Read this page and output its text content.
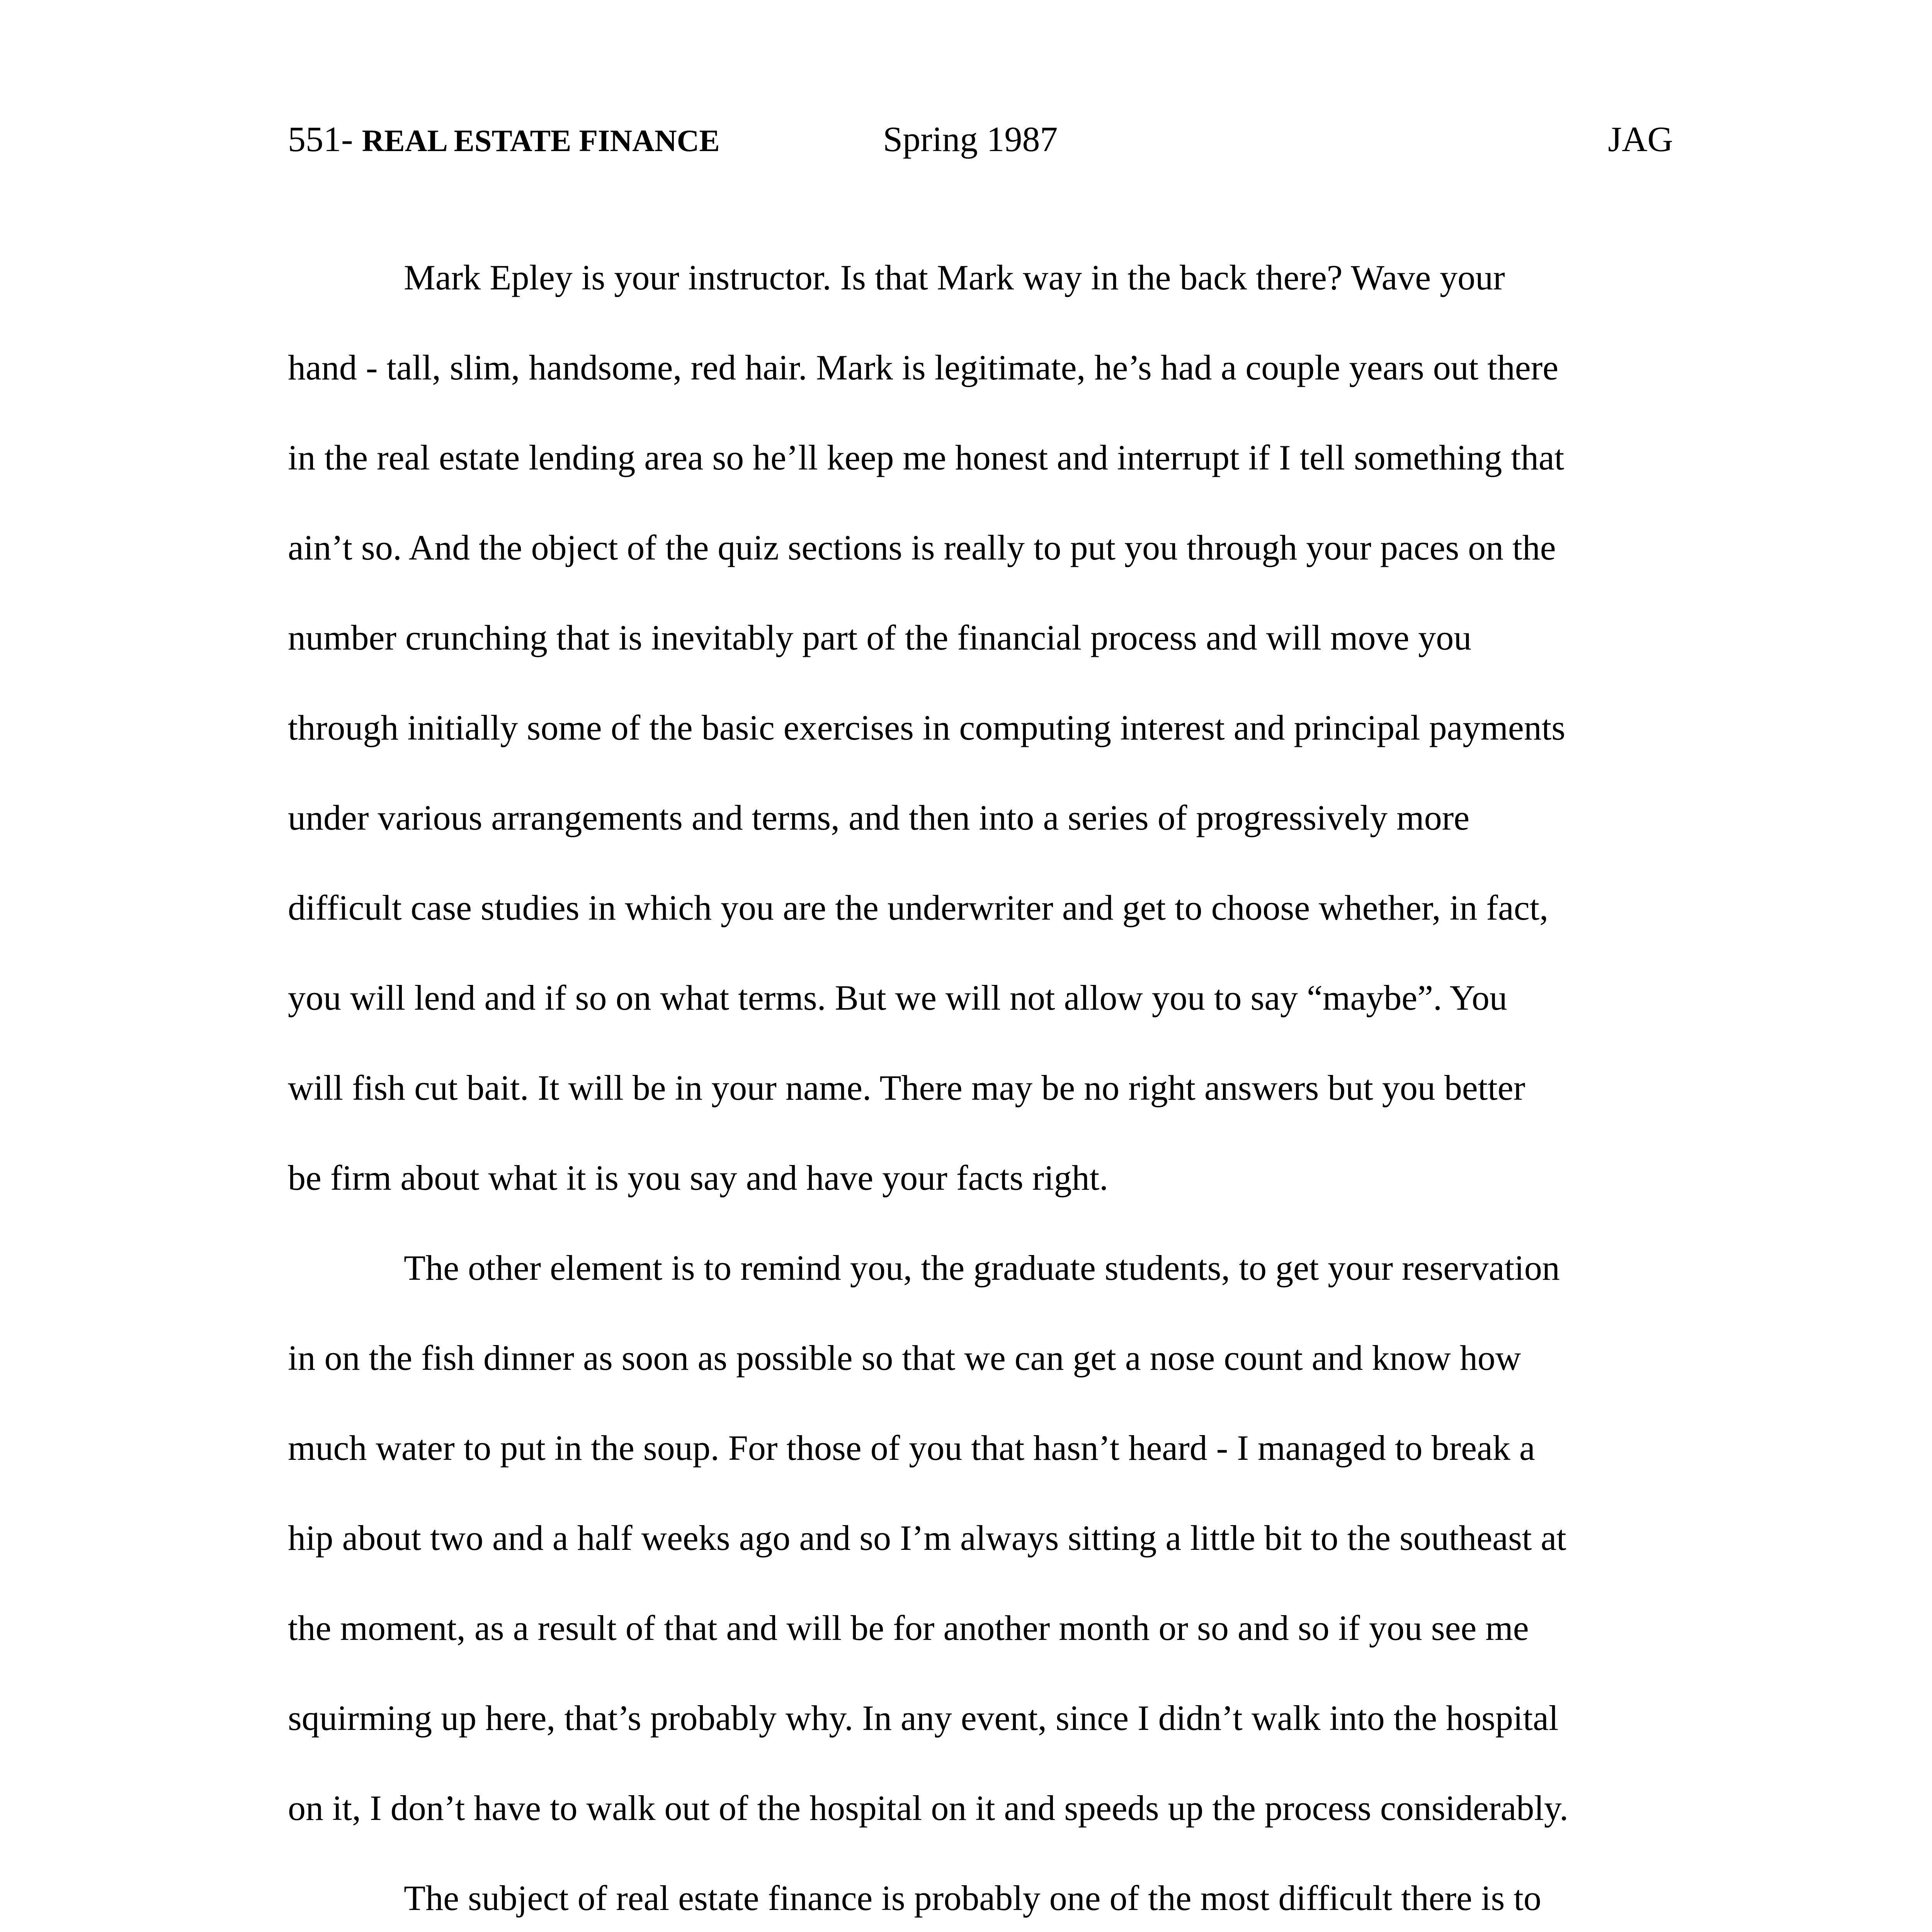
551- REAL ESTATE FINANCE	Spring 1987	JAG

Mark Epley is your instructor. Is that Mark way in the back there? Wave your
hand - tall, slim, handsome, red hair. Mark is legitimate, he’s had a couple years out there
in the real estate lending area so he’ll keep me honest and interrupt if I tell something that
ain’t so. And the object of the quiz sections is really to put you through your paces on the
number crunching that is inevitably part of the financial process and will move you
through initially some of the basic exercises in computing interest and principal payments
under various arrangements and terms, and then into a series of progressively more
difficult case studies in which you are the underwriter and get to choose whether, in fact,
you will lend and if so on what terms. But we will not allow you to say “maybe”. You
will fish cut bait. It will be in your name. There may be no right answers but you better
be firm about what it is you say and have your facts right.

The other element is to remind you, the graduate students, to get your reservation
in on the fish dinner as soon as possible so that we can get a nose count and know how
much water to put in the soup. For those of you that hasn’t heard - I managed to break a
hip about two and a half weeks ago and so I’m always sitting a little bit to the southeast at
the moment, as a result of that and will be for another month or so and so if you see me
squirming up here, that’s probably why. In any event, since I didn’t walk into the hospital
on it, I don’t have to walk out of the hospital on it and speeds up the process considerably.

The subject of real estate finance is probably one of the most difficult there is to
